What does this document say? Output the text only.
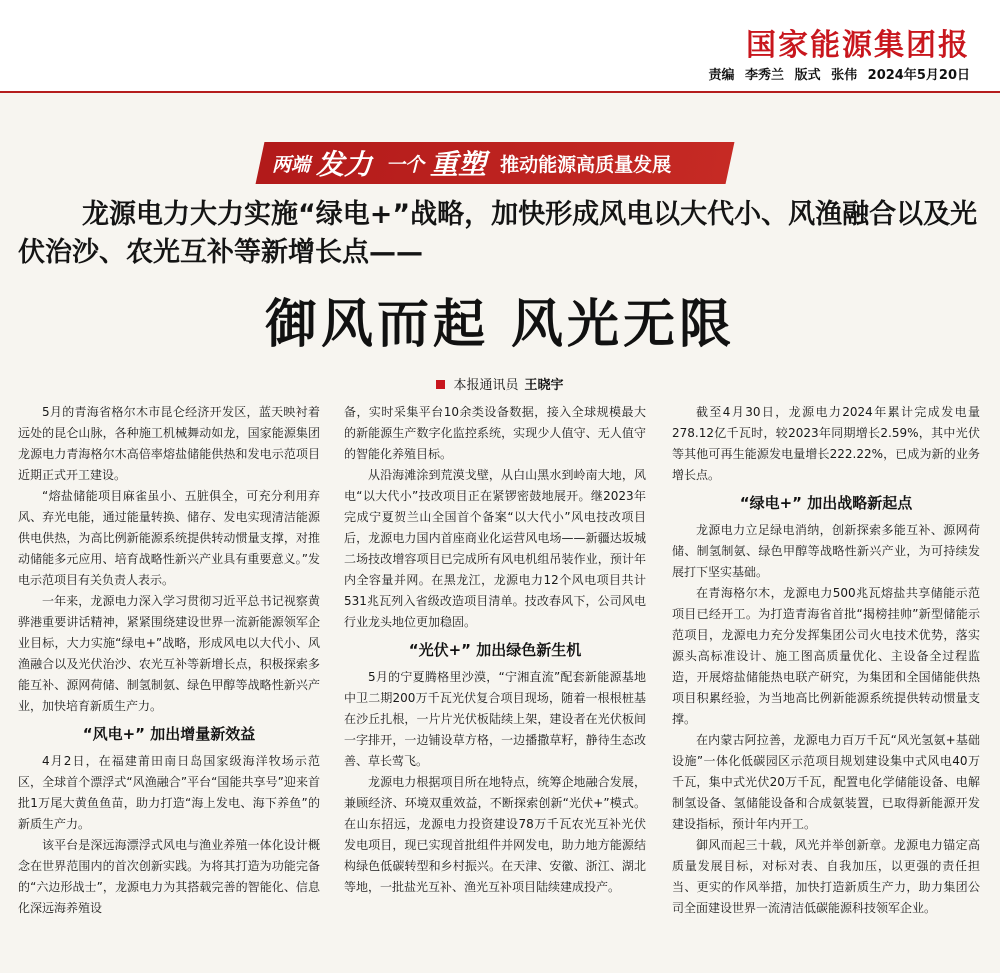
国家能源集团报
责编 李秀兰 版式 张伟 2024年5月20日
两端 发力 一个 重塑 推动能源高质量发展
龙源电力大力实施“绿电+”战略，加快形成风电以大代小、风渔融合以及光伏治沙、农光互补等新增长点——
御风而起 风光无限
本报通讯员 王晓宇

5月的青海省格尔木市昆仑经济开发区，蓝天映衬着远处的昆仑山脉，各种施工机械舞动如龙，国家能源集团龙源电力青海格尔木高倍率熔盐储能供热和发电示范项目近期正式开工建设。

“熔盐储能项目麻雀虽小、五脏俱全，可充分利用弃风、弃光电能，通过能量转换、储存、发电实现清洁能源供电供热，为高比例新能源系统提供转动惯量支撑，对推动储能多元应用、培育战略性新兴产业具有重要意义。”发电示范项目有关负责人表示。

一年来，龙源电力深入学习贯彻习近平总书记视察黄骅港重要讲话精神，紧紧围绕建设世界一流新能源领军企业目标，大力实施“绿电+”战略，形成风电以大代小、风渔融合以及光伏治沙、农光互补等新增长点，积极探索多能互补、源网荷储、制氢制氨、绿色甲醇等战略性新兴产业，加快培育新质生产力。

“风电+” 加出增量新效益

4月2日，在福建莆田南日岛国家级海洋牧场示范区，全球首个漂浮式“风渔融合”平台“国能共享号”迎来首批1万尾大黄鱼鱼苗，助力打造“海上发电、海下养鱼”的新质生产力。

该平台是深远海漂浮式风电与渔业养殖一体化设计概念在世界范围内的首次创新实践。为将其打造为功能完备的“六边形战士”，龙源电力为其搭载完善的智能化、信息化深远海养殖设

备，实时采集平台10余类设备数据，接入全球规模最大的新能源生产数字化监控系统，实现少人值守、无人值守的智能化养殖目标。

从沿海滩涂到荒漠戈壁，从白山黑水到岭南大地，风电“以大代小”技改项目正在紧锣密鼓地展开。继2023年完成宁夏贺兰山全国首个备案“以大代小”风电技改项目后，龙源电力国内首座商业化运营风电场——新疆达坂城二场技改增容项目已完成所有风电机组吊装作业，预计年内全容量并网。在黑龙江，龙源电力12个风电项目共计531兆瓦列入省级改造项目清单。技改春风下，公司风电行业龙头地位更加稳固。

“光伏+” 加出绿色新生机

5月的宁夏腾格里沙漠，“宁湘直流”配套新能源基地中卫二期200万千瓦光伏复合项目现场，随着一根根桩基在沙丘扎根，一片片光伏板陆续上架，建设者在光伏板间一字排开，一边铺设草方格，一边播撒草籽，静待生态改善、草长莺飞。

龙源电力根据项目所在地特点，统筹企地融合发展，兼顾经济、环境双重效益，不断探索创新“光伏+”模式。在山东招远，龙源电力投资建设78万千瓦农光互补光伏发电项目，现已实现首批组件并网发电，助力地方能源结构绿色低碳转型和乡村振兴。在天津、安徽、浙江、湖北等地，一批盐光互补、渔光互补项目陆续建成投产。

截至4月30日，龙源电力2024年累计完成发电量278.12亿千瓦时，较2023年同期增长2.59%，其中光伏等其他可再生能源发电量增长222.22%，已成为新的业务增长点。

“绿电+” 加出战略新起点

龙源电力立足绿电消纳，创新探索多能互补、源网荷储、制氢制氨、绿色甲醇等战略性新兴产业，为可持续发展打下坚实基础。

在青海格尔木，龙源电力500兆瓦熔盐共享储能示范项目已经开工。为打造青海省首批“揭榜挂帅”新型储能示范项目，龙源电力充分发挥集团公司火电技术优势，落实源头高标准设计、施工图高质量优化、主设备全过程监造，开展熔盐储能热电联产研究，为集团和全国储能供热项目积累经验，为当地高比例新能源系统提供转动惯量支撑。

在内蒙古阿拉善，龙源电力百万千瓦“风光氢氨+基础设施”一体化低碳园区示范项目规划建设集中式风电40万千瓦，集中式光伏20万千瓦，配置电化学储能设备、电解制氢设备、氢储能设备和合成氨装置，已取得新能源开发建设指标，预计年内开工。

御风而起三十载，风光并举创新章。龙源电力锚定高质量发展目标，对标对表、自我加压，以更强的责任担当、更实的作风举措，加快打造新质生产力，助力集团公司全面建设世界一流清洁低碳能源科技领军企业。
